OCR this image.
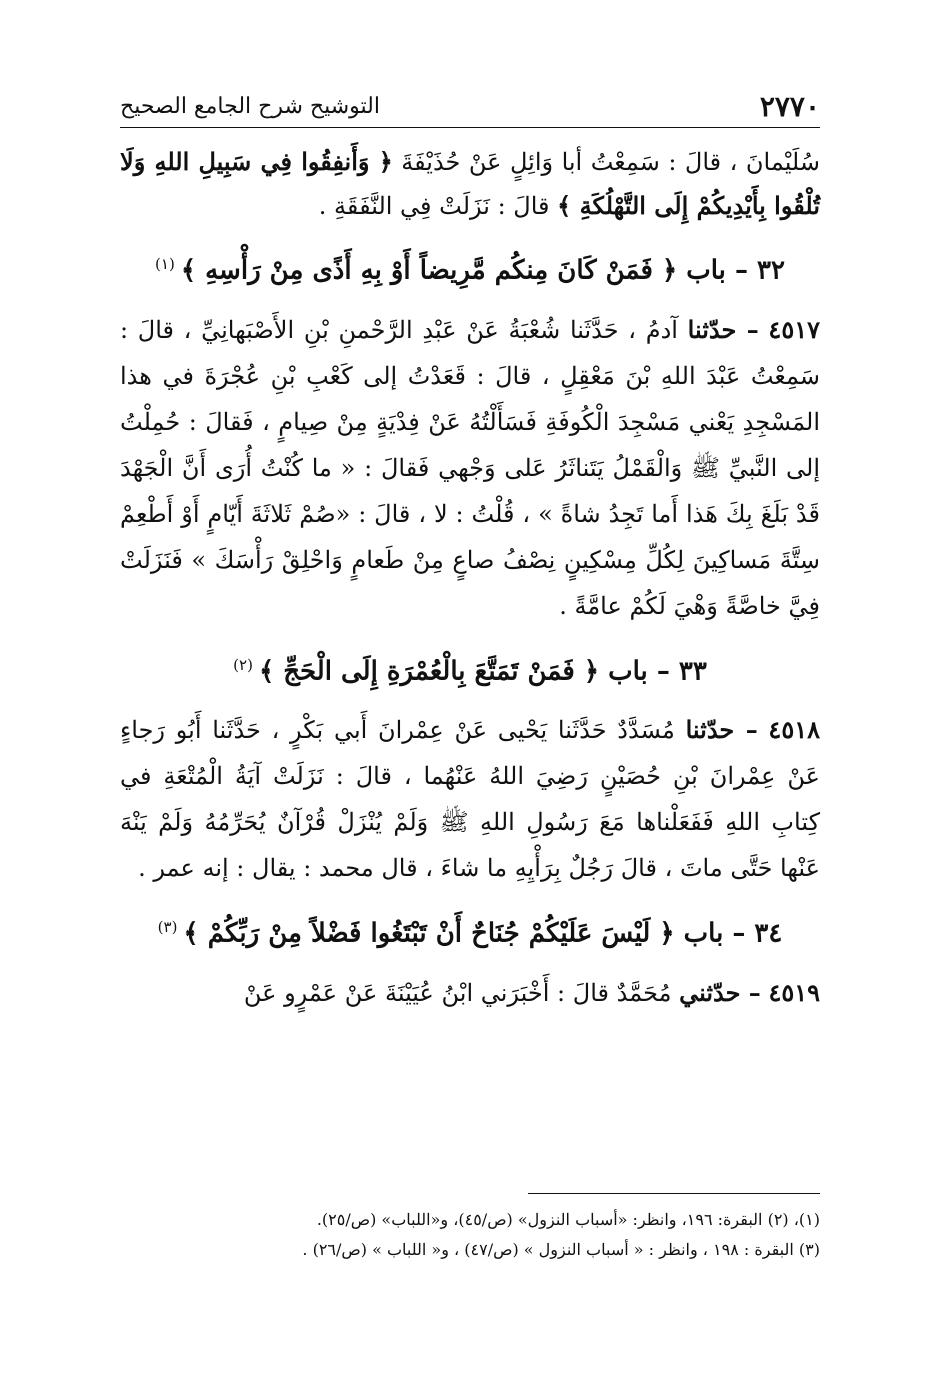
٢٧٧٠
التوشيح شرح الجامع الصحيح

سُلَيْمانَ ، قالَ : سَمِعْتُ أبا وَائِلٍ عَنْ حُذَيْفَةَ ﴿ وَأَنفِقُوا فِي سَبِيلِ اللهِ وَلَا تُلْقُوا بِأَيْدِيكُمْ إِلَى التَّهْلُكَةِ ﴾ قالَ : نَزَلَتْ فِي النَّفَقَةِ .

٣٢ – باب ﴿ فَمَنْ كَانَ مِنكُم مَّرِيضاً أَوْ بِهِ أَذًى مِنْ رَأْسِهِ ﴾$^{(١)}$

٤٥١٧ – حدّثنا آدمُ ، حَدَّثَنا شُعْبَةُ عَنْ عَبْدِ الرَّحْمنِ بْنِ الأَصْبَهانِيِّ ، قالَ : سَمِعْتُ عَبْدَ اللهِ بْنَ مَعْقِلٍ ، قالَ : قَعَدْتُ إلى كَعْبِ بْنِ عُجْرَةَ في هذا المَسْجِدِ يَعْني مَسْجِدَ الْكُوفَةِ فَسَأَلْتُهُ عَنْ فِدْيَةٍ مِنْ صِيامٍ ، فَقالَ : حُمِلْتُ إلى النَّبيِّ ﷺ وَالْقَمْلُ يَتَناثَرُ عَلى وَجْهي فَقالَ : « ما كُنْتُ أُرَى أَنَّ الْجَهْدَ قَدْ بَلَغَ بِكَ هَذا أَما تَجِدُ شاةً » ، قُلْتُ : لا ، قالَ : «صُمْ ثَلاثَةَ أَيّامٍ أَوْ أَطْعِمْ سِتَّةَ مَساكِينَ لِكُلِّ مِسْكِينٍ نِصْفُ صاعٍ مِنْ طَعامٍ وَاحْلِقْ رَأْسَكَ » فَنَزَلَتْ فِيَّ خاصَّةً وَهْيَ لَكُمْ عامَّةً .

٣٣ – باب ﴿ فَمَنْ تَمَتَّعَ بِالْعُمْرَةِ إِلَى الْحَجِّ ﴾$^{(٢)}$

٤٥١٨ – حدّثنا مُسَدَّدٌ حَدَّثَنا يَحْيى عَنْ عِمْرانَ أَبي بَكْرٍ ، حَدَّثَنا أَبُو رَجاءٍ عَنْ عِمْرانَ بْنِ حُصَيْنٍ رَضِيَ اللهُ عَنْهُما ، قالَ : نَزَلَتْ آيَةُ الْمُتْعَةِ في كِتابِ اللهِ فَفَعَلْناها مَعَ رَسُولِ اللهِ ﷺ وَلَمْ يُنْزَلْ قُرْآنٌ يُحَرِّمُهُ وَلَمْ يَنْهَ عَنْها حَتَّى ماتَ ، قالَ رَجُلٌ بِرَأْيِهِ ما شاءَ ، قال محمد : يقال : إنه عمر .

٣٤ – باب ﴿ لَيْسَ عَلَيْكُمْ جُنَاحٌ أَنْ تَبْتَغُوا فَضْلاً مِنْ رَبِّكُمْ ﴾$^{(٣)}$

٤٥١٩ – حدّثني مُحَمَّدٌ قالَ : أَخْبَرَني ابْنُ عُيَيْنَةَ عَنْ عَمْرٍو عَنْ

(١)، (٢) البقرة: ١٩٦، وانظر: «أسباب النزول» (ص/٤٥)، و«اللباب» (ص/٢٥).

(٣) البقرة : ١٩٨ ، وانظر : « أسباب النزول » (ص/٤٧) ، و« اللباب » (ص/٢٦) .
